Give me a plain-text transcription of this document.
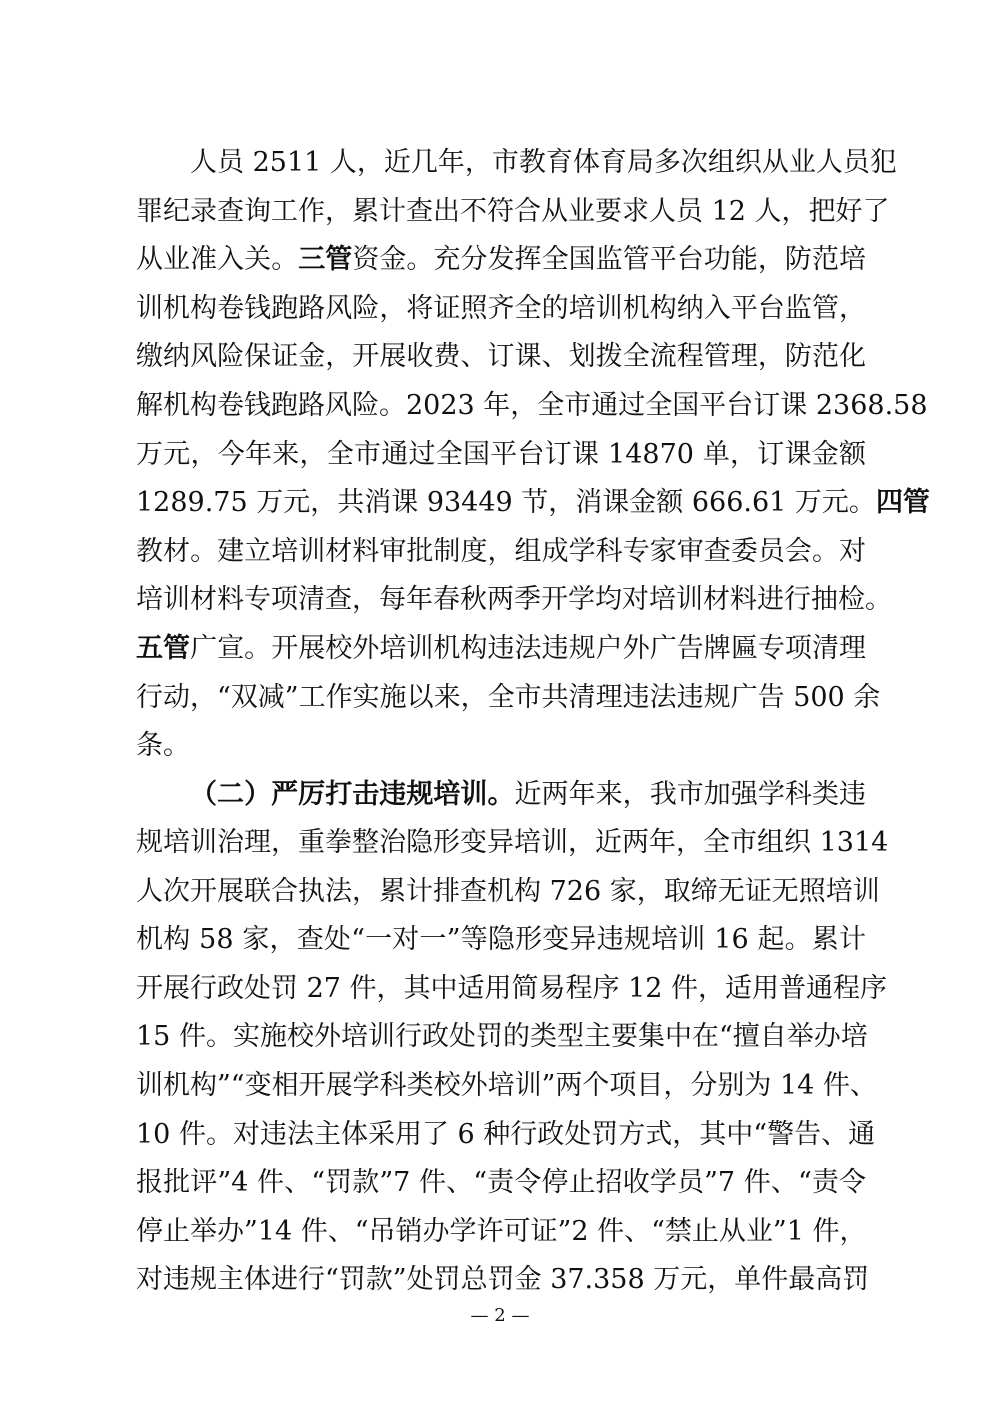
人员 2511 人，近几年，市教育体育局多次组织从业人员犯
罪纪录查询工作，累计查出不符合从业要求人员 12 人，把好了
从业准入关。三管资金。充分发挥全国监管平台功能，防范培
训机构卷钱跑路风险，将证照齐全的培训机构纳入平台监管，
缴纳风险保证金，开展收费、订课、划拨全流程管理，防范化
解机构卷钱跑路风险。2023 年，全市通过全国平台订课 2368.58
万元，今年来，全市通过全国平台订课 14870 单，订课金额
1289.75 万元，共消课 93449 节，消课金额 666.61 万元。四管
教材。建立培训材料审批制度，组成学科专家审查委员会。对
培训材料专项清查，每年春秋两季开学均对培训材料进行抽检。
五管广宣。开展校外培训机构违法违规户外广告牌匾专项清理
行动，“双减”工作实施以来，全市共清理违法违规广告 500 余
条。
（二）严厉打击违规培训。近两年来，我市加强学科类违
规培训治理，重拳整治隐形变异培训，近两年，全市组织 1314
人次开展联合执法，累计排查机构 726 家，取缔无证无照培训
机构 58 家，查处“一对一”等隐形变异违规培训 16 起。累计
开展行政处罚 27 件，其中适用简易程序 12 件，适用普通程序
15 件。实施校外培训行政处罚的类型主要集中在“擅自举办培
训机构”“变相开展学科类校外培训”两个项目，分别为 14 件、
10 件。对违法主体采用了 6 种行政处罚方式，其中“警告、通
报批评”4 件、“罚款”7 件、“责令停止招收学员”7 件、“责令
停止举办”14 件、“吊销办学许可证”2 件、“禁止从业”1 件，
对违规主体进行“罚款”处罚总罚金 37.358 万元，单件最高罚
— 2 —
